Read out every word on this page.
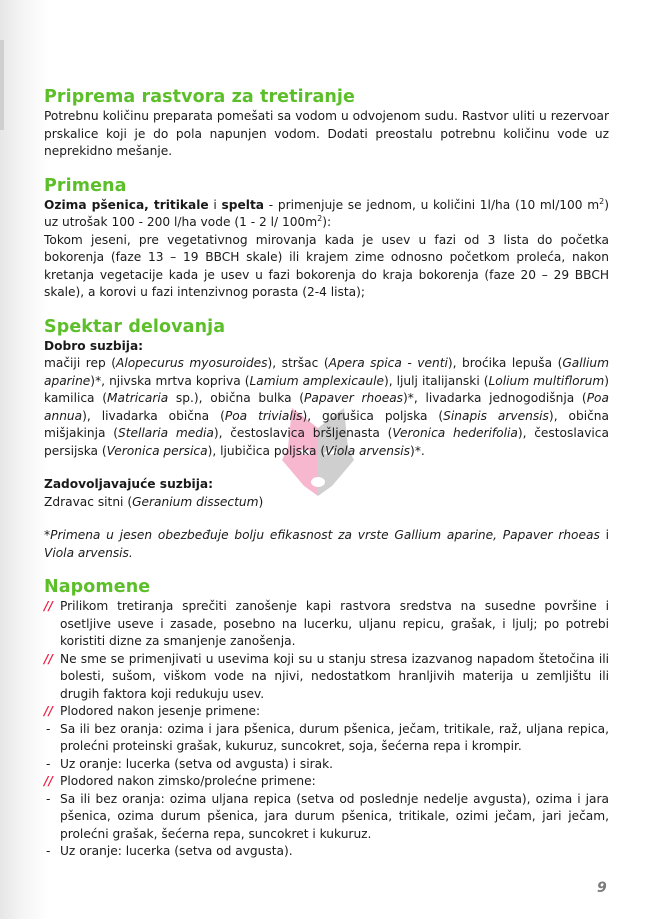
Priprema rastvora za tretiranje

Potrebnu količinu preparata pomešati sa vodom u odvojenom sudu. Rastvor uliti u rezervoar prskalice koji je do pola napunjen vodom. Dodati preostalu potrebnu količinu vode uz neprekidno mešanje.

Primena

Ozima pšenica, tritikale i spelta - primenjuje se jednom, u količini 1l/ha (10 ml/100 $m^2$) uz utrošak 100 - 200 l/ha vode (1 - 2 l/ $100m^2$):

Tokom jeseni, pre vegetativnog mirovanja kada je usev u fazi od 3 lista do početka bokorenja (faze 13 – 19 BBCH skale) ili krajem zime odnosno početkom proleća, nakon kretanja vegetacije kada je usev u fazi bokorenja do kraja bokorenja (faze 20 – 29 BBCH skale), a korovi u fazi intenzivnog porasta (2-4 lista);

Spektar delovanja

Dobro suzbija:

mačiji rep (Alopecurus myosuroides), stršac (Apera spica - venti), broćika lepuša (Gallium aparine)*, njivska mrtva kopriva (Lamium amplexicaule), ljulj italijanski (Lolium multiflorum) kamilica (Matricaria sp.), obična bulka (Papaver rhoeas)*, livadarka jednogodišnja (Poa annua), livadarka obična (Poa trivialis), gorušica poljska (Sinapis arvensis), obična mišjakinja (Stellaria media), čestoslavica bršljenasta (Veronica hederifolia), čestoslavica persijska (Veronica persica), ljubičica poljska (Viola arvensis)*.

Zadovoljavajuće suzbija:

Zdravac sitni (Geranium dissectum)

*Primena u jesen obezbeđuje bolju efikasnost za vrste Gallium aparine, Papaver rhoeas i Viola arvensis.

Napomene
// Prilikom tretiranja sprečiti zanošenje kapi rastvora sredstva na susedne površine i osetljive useve i zasade, posebno na lucerku, uljanu repicu, grašak, i ljulj; po potrebi koristiti dizne za smanjenje zanošenja.
// Ne sme se primenjivati u usevima koji su u stanju stresa izazvanog napadom štetočina ili bolesti, sušom, viškom vode na njivi, nedostatkom hranljivih materija u zemljištu ili drugih faktora koji redukuju usev.
// Plodored nakon jesenje primene:
- Sa ili bez oranja: ozima i jara pšenica, durum pšenica, ječam, tritikale, raž, uljana repica, prolećni proteinski grašak, kukuruz, suncokret, soja, šećerna repa i krompir.
- Uz oranje: lucerka (setva od avgusta) i sirak.
// Plodored nakon zimsko/prolećne primene:
- Sa ili bez oranja: ozima uljana repica (setva od poslednje nedelje avgusta), ozima i jara pšenica, ozima durum pšenica, jara durum pšenica, tritikale, ozimi ječam, jari ječam, prolećni grašak, šećerna repa, suncokret i kukuruz.
- Uz oranje: lucerka (setva od avgusta).
9
